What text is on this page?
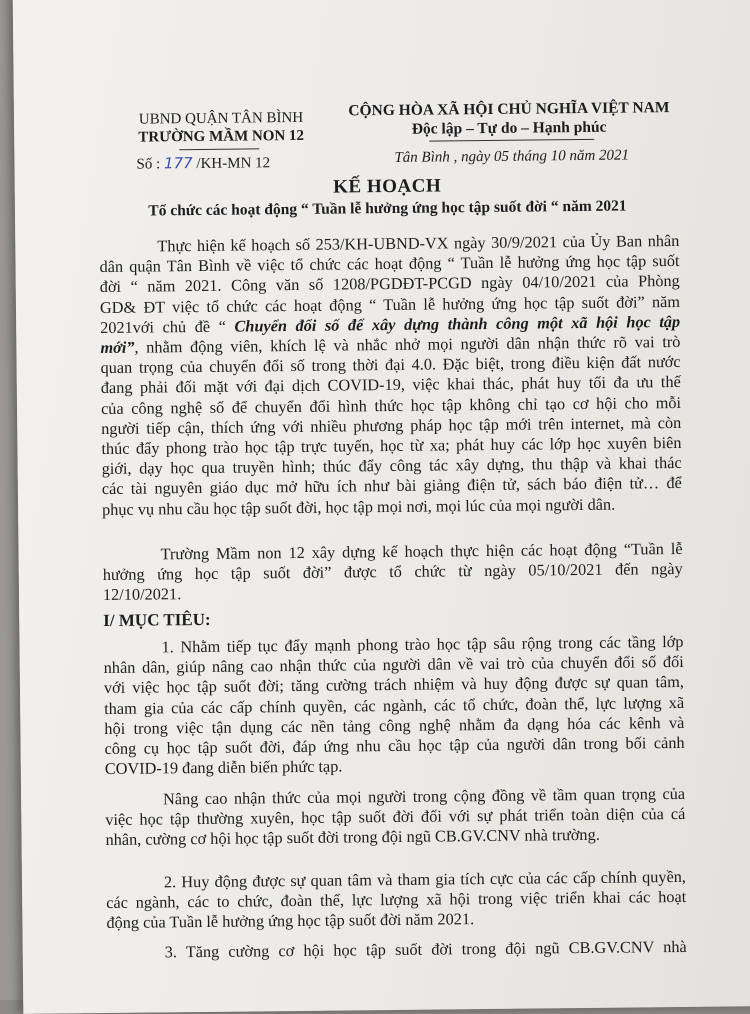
UBND QUẬN TÂN BÌNH
TRƯỜNG MẦM NON 12
Số : 177 /KH-MN 12
CỘNG HÒA XÃ HỘI CHỦ NGHĨA VIỆT NAM
Độc lập – Tự do – Hạnh phúc
Tân Bình , ngày 05 tháng 10 năm 2021
KẾ HOẠCH
Tổ chức các hoạt động “ Tuần lễ hưởng ứng học tập suốt đời “ năm 2021
Thực hiện kế hoạch số 253/KH-UBND-VX ngày 30/9/2021 của Ủy Ban nhân
dân quận Tân Bình về việc tổ chức các hoạt động “ Tuần lễ hưởng ứng học tập suốt
đời “ năm 2021. Công văn số 1208/PGDĐT-PCGD ngày 04/10/2021 của Phòng
GD& ĐT việc tổ chức các hoạt động “ Tuần lễ hưởng ứng học tập suốt đời” năm
2021với chủ đề “ Chuyển đổi số để xây dựng thành công một xã hội học tập
mới”, nhằm động viên, khích lệ và nhắc nhở mọi người dân nhận thức rõ vai trò
quan trọng của chuyển đổi số trong thời đại 4.0. Đặc biệt, trong điều kiện đất nước
đang phải đối mặt với đại dịch COVID-19, việc khai thác, phát huy tối đa ưu thế
của công nghệ số để chuyển đổi hình thức học tập không chỉ tạo cơ hội cho mỗi
người tiếp cận, thích ứng với nhiều phương pháp học tập mới trên internet, mà còn
thúc đẩy phong trào học tập trực tuyến, học từ xa; phát huy các lớp học xuyên biên
giới, dạy học qua truyền hình; thúc đẩy công tác xây dựng, thu thập và khai thác
các tài nguyên giáo dục mở hữu ích như bài giảng điện tử, sách báo điện tử… để
phục vụ nhu cầu học tập suốt đời, học tập mọi nơi, mọi lúc của mọi người dân.
Trường Mầm non 12 xây dựng kế hoạch thực hiện các hoạt động “Tuần lễ
hưởng ứng học tập suốt đời” được tổ chức từ ngày 05/10/2021 đến ngày
12/10/2021.
I/ MỤC TIÊU:
1. Nhằm tiếp tục đẩy mạnh phong trào học tập sâu rộng trong các tầng lớp
nhân dân, giúp nâng cao nhận thức của người dân về vai trò của chuyển đổi số đối
với việc học tập suốt đời; tăng cường trách nhiệm và huy động được sự quan tâm,
tham gia của các cấp chính quyền, các ngành, các tổ chức, đoàn thể, lực lượng xã
hội trong việc tận dụng các nền tảng công nghệ nhằm đa dạng hóa các kênh và
công cụ học tập suốt đời, đáp ứng nhu cầu học tập của người dân trong bối cảnh
COVID-19 đang diễn biến phức tạp.
Nâng cao nhận thức của mọi người trong cộng đồng về tầm quan trọng của
việc học tập thường xuyên, học tập suốt đời đối với sự phát triển toàn diện của cá
nhân, cường cơ hội học tập suốt đời trong đội ngũ CB.GV.CNV nhà trường.
2. Huy động được sự quan tâm và tham gia tích cực của các cấp chính quyền,
các ngành, các to chức, đoàn thể, lực lượng xã hội trong việc triển khai các hoạt
động của Tuần lễ hưởng ứng học tập suốt đời năm 2021.
3. Tăng cường cơ hội học tập suốt đời trong đội ngũ CB.GV.CNV nhà
